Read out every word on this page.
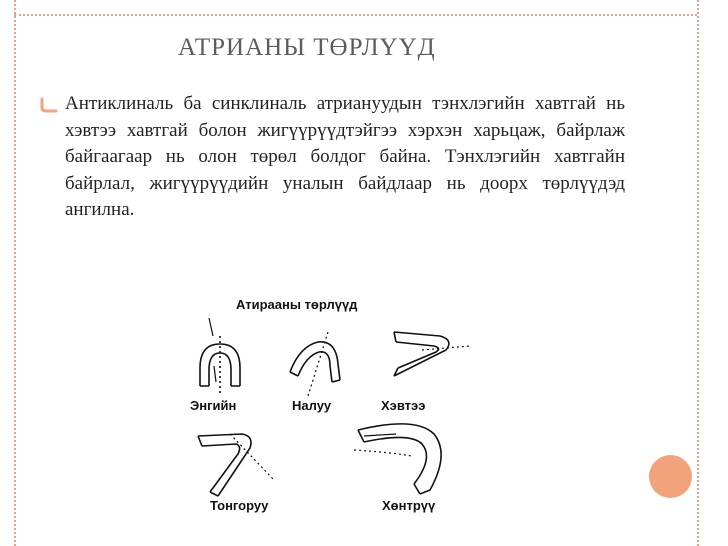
АТРИАНЫ ТӨРЛҮҮД

Антиклиналь ба синклиналь атриануудын тэнхлэгийн хавтгай нь хэвтээ хавтгай болон жигүүрүүдтэйгээ хэрхэн харьцаж, байрлаж байгаагаар нь олон төрөл болдог байна. Тэнхлэгийн хавтгайн байрлал, жигүүрүүдийн уналын байдлаар нь доорх төрлүүдэд ангилна.

Атирааны төрлүүд
Энгийн	Налуу	Хэвтээ
Тонгоруу	Хөнтрүү
